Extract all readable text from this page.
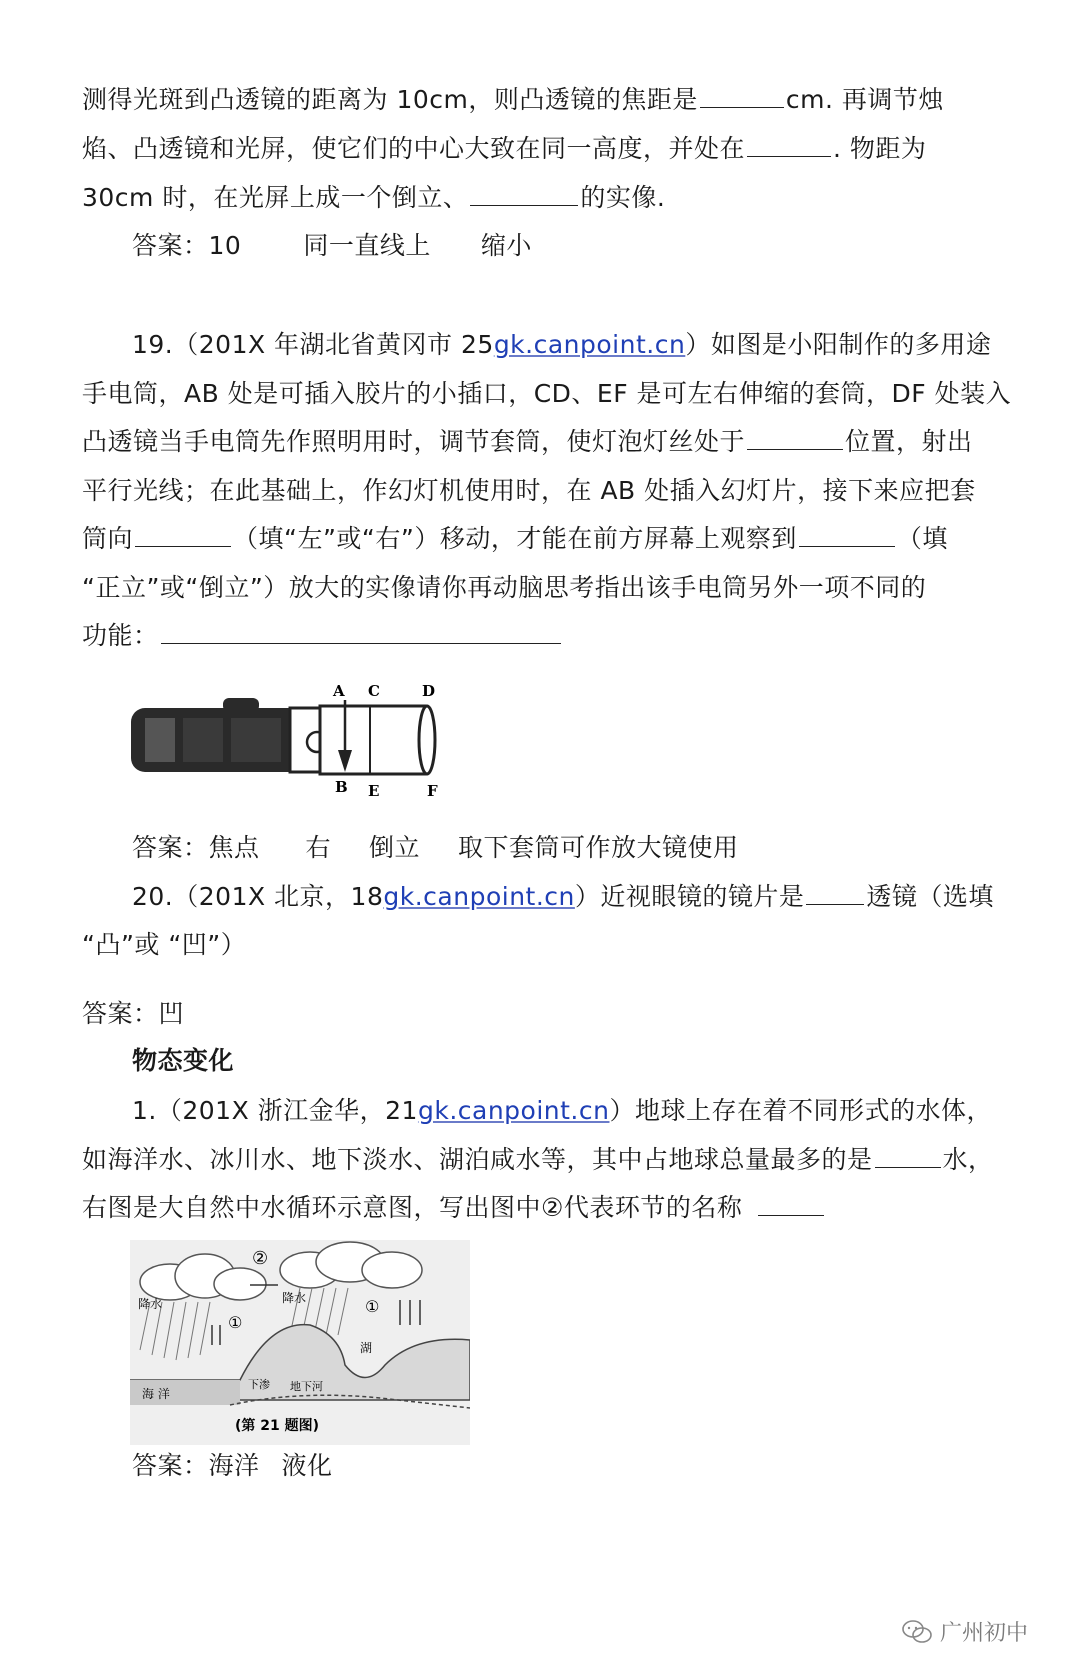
测得光斑到凸透镜的距离为 10cm，则凸透镜的焦距是	cm. 再调节烛
焰、凸透镜和光屏，使它们的中心大致在同一高度，并处在	. 物距为
30cm 时，在光屏上成一个倒立、	的实像.
答案：10 同一直线上 缩小
19.（201X 年湖北省黄冈市 25gk.canpoint.cn）如图是小阳制作的多用途
手电筒，AB 处是可插入胶片的小插口，CD、EF 是可左右伸缩的套筒，DF 处装入
凸透镜当手电筒先作照明用时，调节套筒，使灯泡灯丝处于	位置，射出
平行光线；在此基础上，作幻灯机使用时，在 AB 处插入幻灯片，接下来应把套
筒向	（填“左”或“右”）移动，才能在前方屏幕上观察到	（填
“正立”或“倒立”）放大的实像请你再动脑思考指出该手电筒另外一项不同的
功能：
A C	D
B E	F
答案：焦点 右 倒立 取下套筒可作放大镜使用
20.（201X 北京，18gk.canpoint.cn）近视眼镜的镜片是 透镜（选填
“凸”或 “凹”）
答案：凹
物态变化
1.（201X 浙江金华，21gk.canpoint.cn）地球上存在着不同形式的水体，
如海洋水、冰川水、地下淡水、湖泊咸水等，其中占地球总量最多的是	水，
右图是大自然中水循环示意图，写出图中②代表环节的名称
②
①
①
降水	降水
海 洋
湖
下渗 地下河
(第 21 题图)
答案：海洋 液化
广州初中
